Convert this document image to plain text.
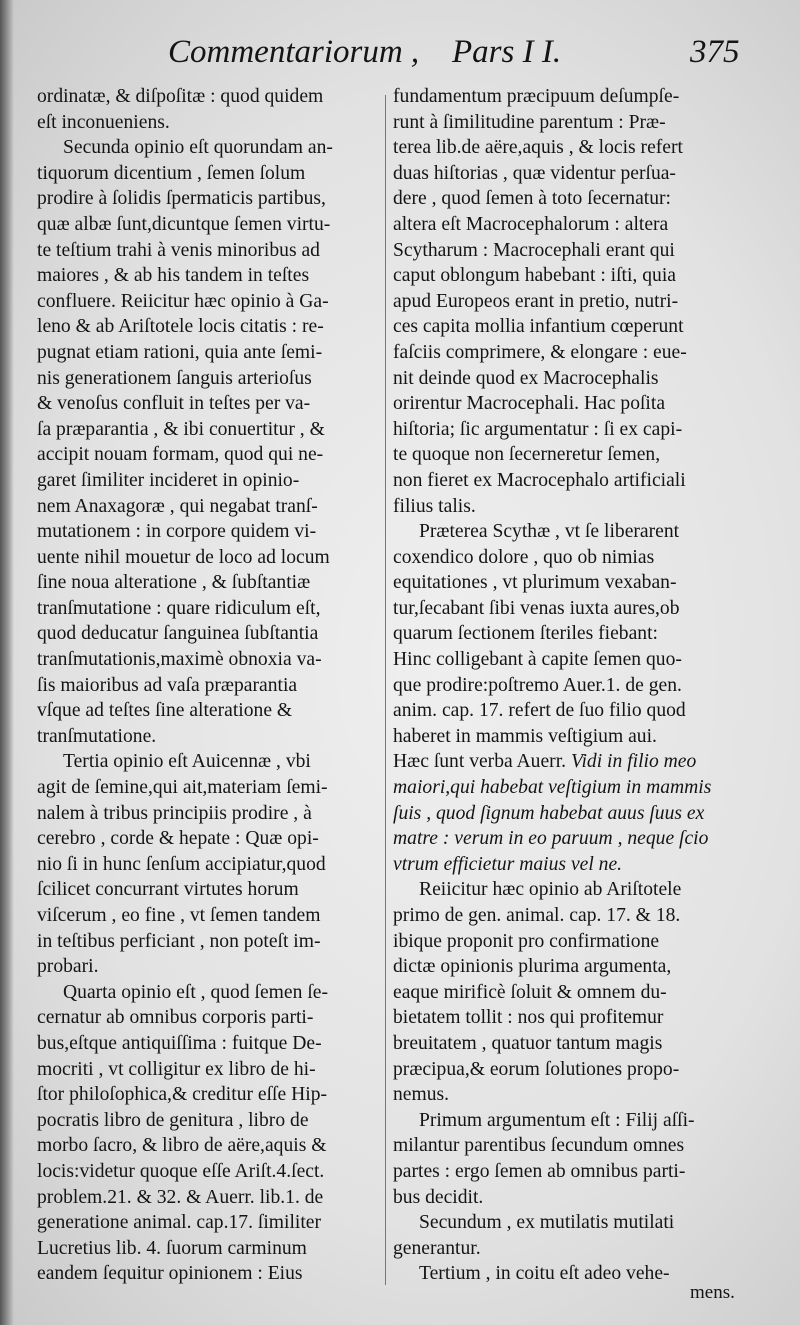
Commentariorum , Pars I I.	375
ordinatæ, & diſpoſitæ : quod quidem
eſt inconueniens.
Secunda opinio eſt quorundam an-
tiquorum dicentium , ſemen ſolum
prodire à ſolidis ſpermaticis partibus,
quæ albæ ſunt,dicuntque ſemen virtu-
te teſtium trahi à venis minoribus ad
maiores , & ab his tandem in teſtes
confluere. Reiicitur hæc opinio à Ga-
leno & ab Ariſtotele locis citatis : re-
pugnat etiam rationi, quia ante ſemi-
nis generationem ſanguis arterioſus
& venoſus confluit in teſtes per va-
ſa præparantia , & ibi conuertitur , &
accipit nouam formam, quod qui ne-
garet ſimiliter incideret in opinio-
nem Anaxagoræ , qui negabat tranſ-
mutationem : in corpore quidem vi-
uente nihil mouetur de loco ad locum
ſine noua alteratione , & ſubſtantiæ
tranſmutatione : quare ridiculum eſt,
quod deducatur ſanguinea ſubſtantia
tranſmutationis,maximè obnoxia va-
ſis maioribus ad vaſa præparantia
vſque ad teſtes ſine alteratione &
tranſmutatione.
Tertia opinio eſt Auicennæ , vbi
agit de ſemine,qui ait,materiam ſemi-
nalem à tribus principiis prodire , à
cerebro , corde & hepate : Quæ opi-
nio ſi in hunc ſenſum accipiatur,quod
ſcilicet concurrant virtutes horum
viſcerum , eo fine , vt ſemen tandem
in teſtibus perficiant , non poteſt im-
probari.
Quarta opinio eſt , quod ſemen ſe-
cernatur ab omnibus corporis parti-
bus,eſtque antiquiſſima : fuitque De-
mocriti , vt colligitur ex libro de hi-
ſtor philoſophica,& creditur eſſe Hip-
pocratis libro de genitura , libro de
morbo ſacro, & libro de aëre,aquis &
locis:videtur quoque eſſe Ariſt.4.ſect.
problem.21. & 32. & Auerr. lib.1. de
generatione animal. cap.17. ſimiliter
Lucretius lib. 4. ſuorum carminum
eandem ſequitur opinionem : Eius
fundamentum præcipuum deſumpſe-
runt à ſimilitudine parentum : Præ-
terea lib.de aëre,aquis , & locis refert
duas hiſtorias , quæ videntur perſua-
dere , quod ſemen à toto ſecernatur:
altera eſt Macrocephalorum : altera
Scytharum : Macrocephali erant qui
caput oblongum habebant : iſti, quia
apud Europeos erant in pretio, nutri-
ces capita mollia infantium cœperunt
faſciis comprimere, & elongare : eue-
nit deinde quod ex Macrocephalis
orirentur Macrocephali. Hac poſita
hiſtoria; ſic argumentatur : ſi ex capi-
te quoque non ſecerneretur ſemen,
non fieret ex Macrocephalo artificiali
filius talis.
Præterea Scythæ , vt ſe liberarent
coxendico dolore , quo ob nimias
equitationes , vt plurimum vexaban-
tur,ſecabant ſibi venas iuxta aures,ob
quarum ſectionem ſteriles fiebant:
Hinc colligebant à capite ſemen quo-
que prodire:poſtremo Auer.1. de gen.
anim. cap. 17. refert de ſuo filio quod
haberet in mammis veſtigium aui.
Hæc ſunt verba Auerr. Vidi in filio meo
maiori,qui habebat veſtigium in mammis
ſuis , quod ſignum habebat auus ſuus ex
matre : verum in eo paruum , neque ſcio
vtrum efficietur maius vel ne.
Reiicitur hæc opinio ab Ariſtotele
primo de gen. animal. cap. 17. & 18.
ibique proponit pro confirmatione
dictæ opinionis plurima argumenta,
eaque mirificè ſoluit & omnem du-
bietatem tollit : nos qui profitemur
breuitatem , quatuor tantum magis
præcipua,& eorum ſolutiones propo-
nemus.
Primum argumentum eſt : Filij aſſi-
milantur parentibus ſecundum omnes
partes : ergo ſemen ab omnibus parti-
bus decidit.
Secundum , ex mutilatis mutilati
generantur.
Tertium , in coitu eſt adeo vehe-
mens.
